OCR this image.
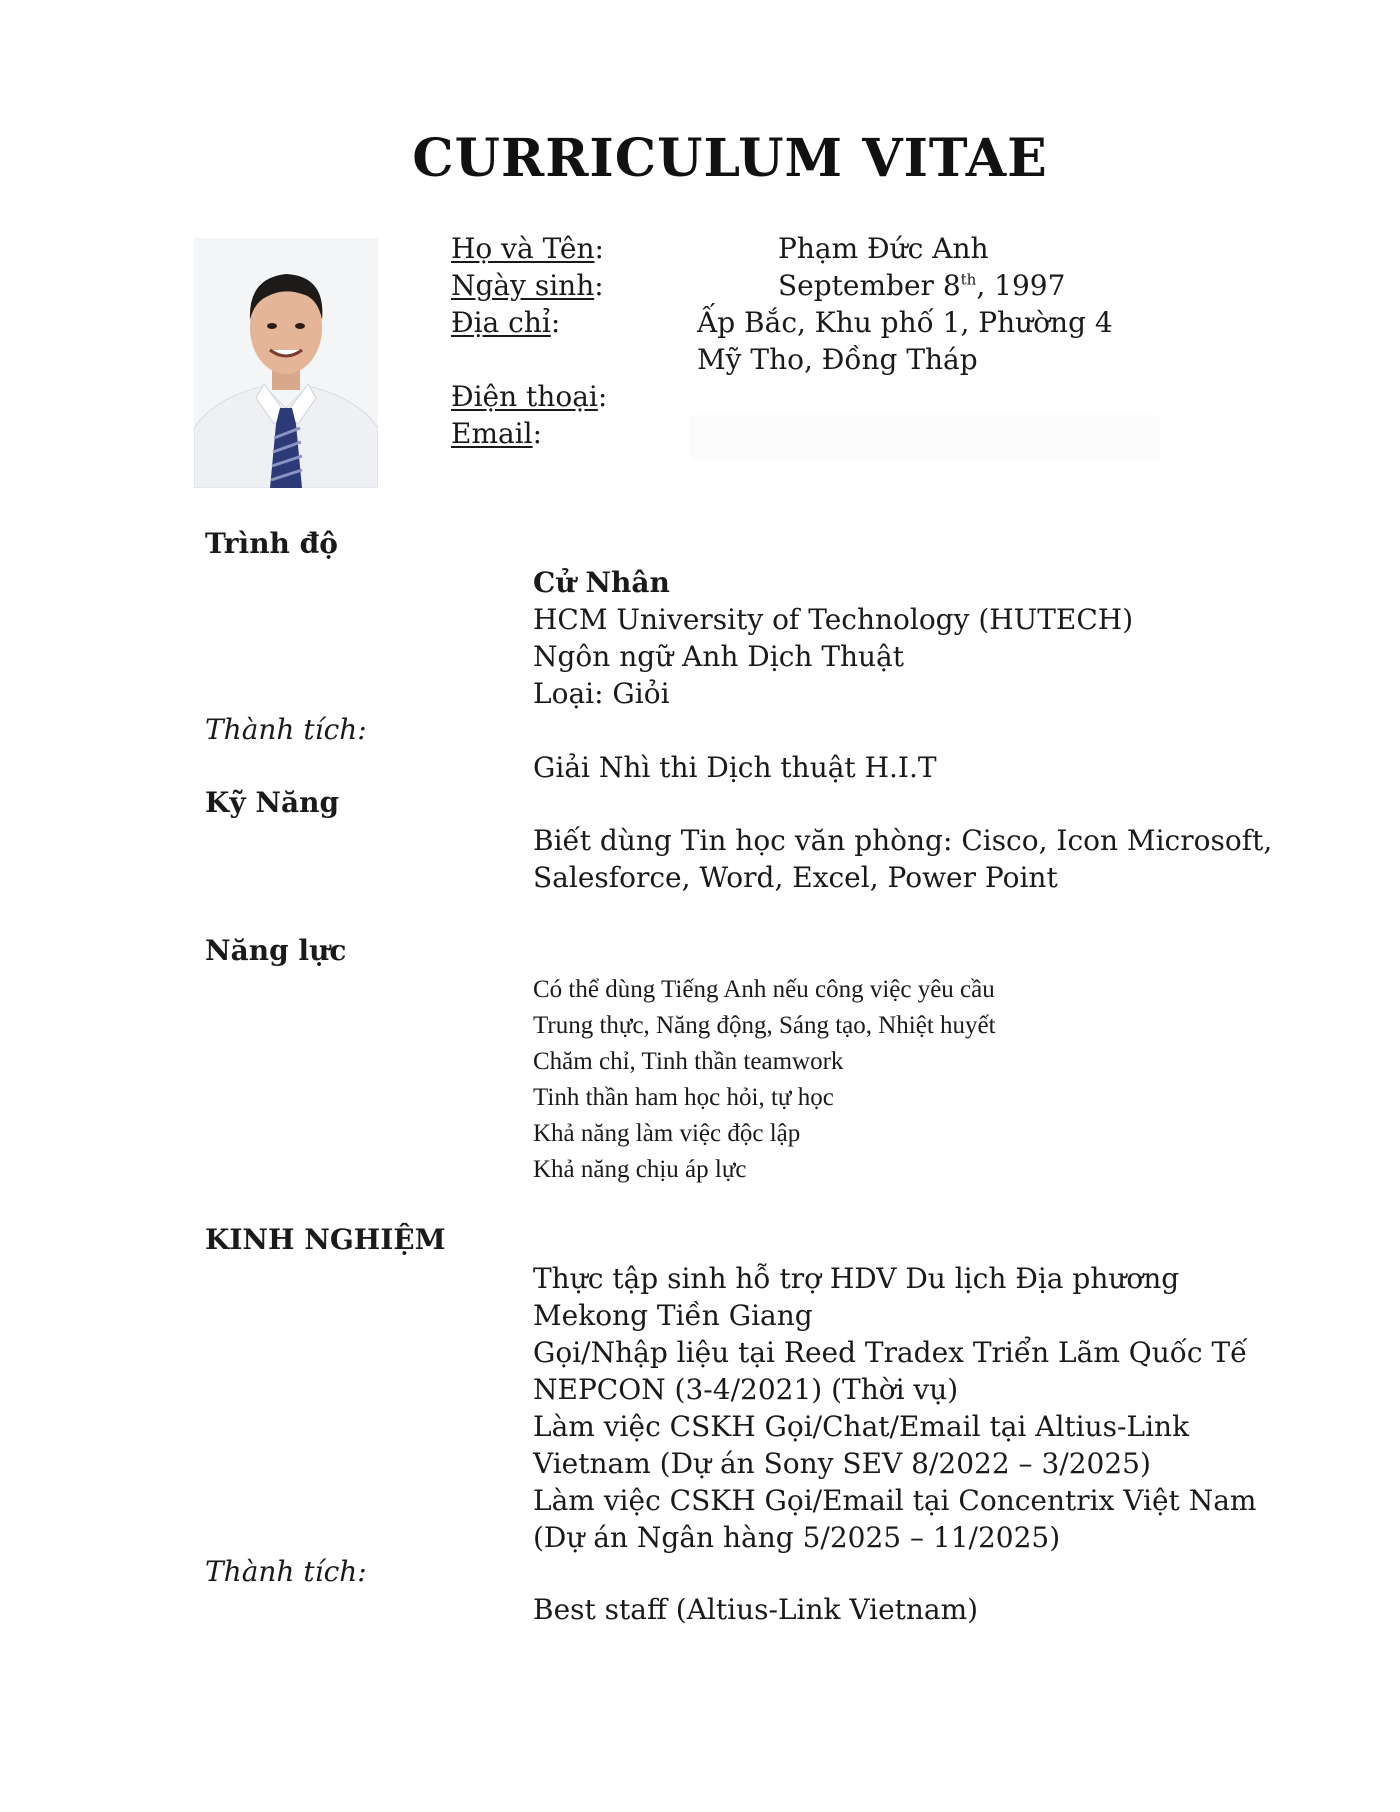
CURRICULUM VITAE
Họ và Tên:	Phạm Đức Anh
Ngày sinh:	September 8th, 1997
Địa chỉ:	Ấp Bắc, Khu phố 1, Phường 4
Mỹ Tho, Đồng Tháp
Điện thoại:
Email:
Trình độ
Cử Nhân
HCM University of Technology (HUTECH)
Ngôn ngữ Anh Dịch Thuật
Loại: Giỏi
Thành tích:
Giải Nhì thi Dịch thuật H.I.T
Kỹ Năng
Biết dùng Tin học văn phòng: Cisco, Icon Microsoft,
Salesforce, Word, Excel, Power Point
Năng lực
Có thể dùng Tiếng Anh nếu công việc yêu cầu
Trung thực, Năng động, Sáng tạo, Nhiệt huyết
Chăm chỉ, Tinh thần teamwork
Tinh thần ham học hỏi, tự học
Khả năng làm việc độc lập
Khả năng chịu áp lực
KINH NGHIỆM
Thực tập sinh hỗ trợ HDV Du lịch Địa phương
Mekong Tiền Giang
Gọi/Nhập liệu tại Reed Tradex Triển Lãm Quốc Tế
NEPCON (3-4/2021) (Thời vụ)
Làm việc CSKH Gọi/Chat/Email tại Altius-Link
Vietnam (Dự án Sony SEV 8/2022 – 3/2025)
Làm việc CSKH Gọi/Email tại Concentrix Việt Nam
(Dự án Ngân hàng 5/2025 – 11/2025)
Thành tích:
Best staff (Altius-Link Vietnam)
